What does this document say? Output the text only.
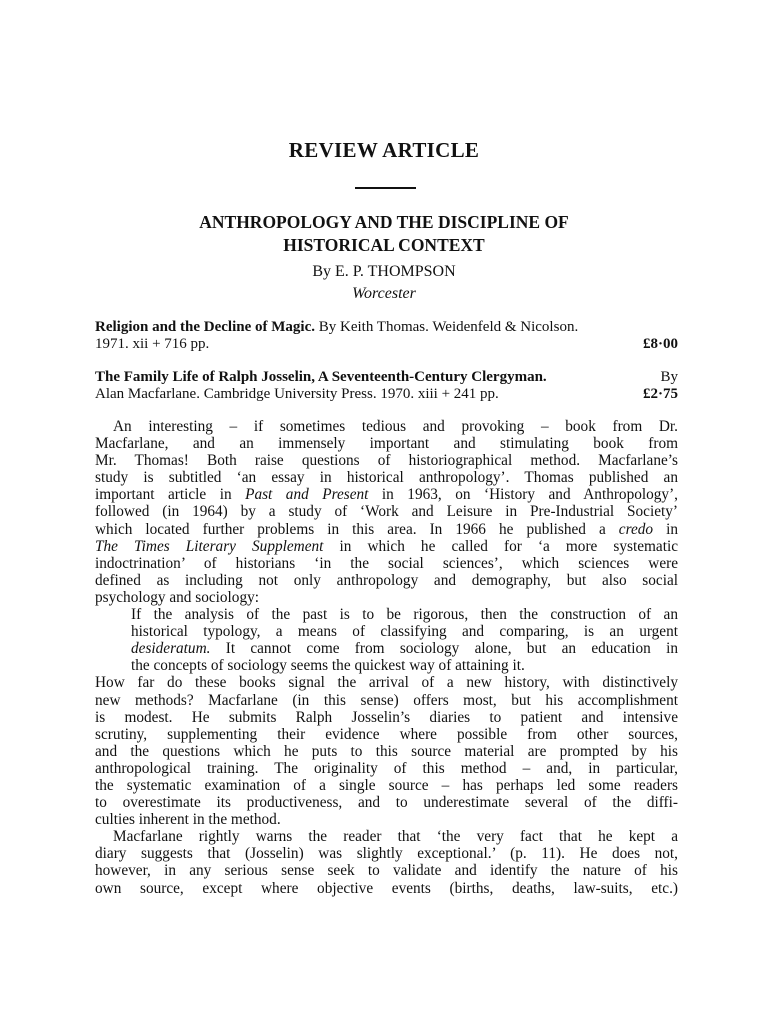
REVIEW ARTICLE
ANTHROPOLOGY AND THE DISCIPLINE OF
HISTORICAL CONTEXT
By E. P. THOMPSON
Worcester
Religion and the Decline of Magic. By Keith Thomas. Weidenfeld & Nicolson.
1971. xii + 716 pp.	£8·00
The Family Life of Ralph Josselin, A Seventeenth-Century Clergyman.	By
Alan Macfarlane. Cambridge University Press. 1970. xiii + 241 pp.	£2·75

An interesting – if sometimes tedious and provoking – book from Dr.
Macfarlane, and an immensely important and stimulating book from
Mr. Thomas! Both raise questions of historiographical method. Macfarlane’s
study is subtitled ‘an essay in historical anthropology’. Thomas published an
important article in Past and Present in 1963, on ‘History and Anthropology’,
followed (in 1964) by a study of ‘Work and Leisure in Pre-Industrial Society’
which located further problems in this area. In 1966 he published a credo in
The Times Literary Supplement in which he called for ‘a more systematic
indoctrination’ of historians ‘in the social sciences’, which sciences were
defined as including not only anthropology and demography, but also social
psychology and sociology:

If the analysis of the past is to be rigorous, then the construction of an
historical typology, a means of classifying and comparing, is an urgent
desideratum. It cannot come from sociology alone, but an education in
the concepts of sociology seems the quickest way of attaining it.

How far do these books signal the arrival of a new history, with distinctively
new methods? Macfarlane (in this sense) offers most, but his accomplishment
is modest. He submits Ralph Josselin’s diaries to patient and intensive
scrutiny, supplementing their evidence where possible from other sources,
and the questions which he puts to this source material are prompted by his
anthropological training. The originality of this method – and, in particular,
the systematic examination of a single source – has perhaps led some readers
to overestimate its productiveness, and to underestimate several of the diffi-
culties inherent in the method.

Macfarlane rightly warns the reader that ‘the very fact that he kept a
diary suggests that (Josselin) was slightly exceptional.’ (p. 11). He does not,
however, in any serious sense seek to validate and identify the nature of his
own source, except where objective events (births, deaths, law-suits, etc.)
